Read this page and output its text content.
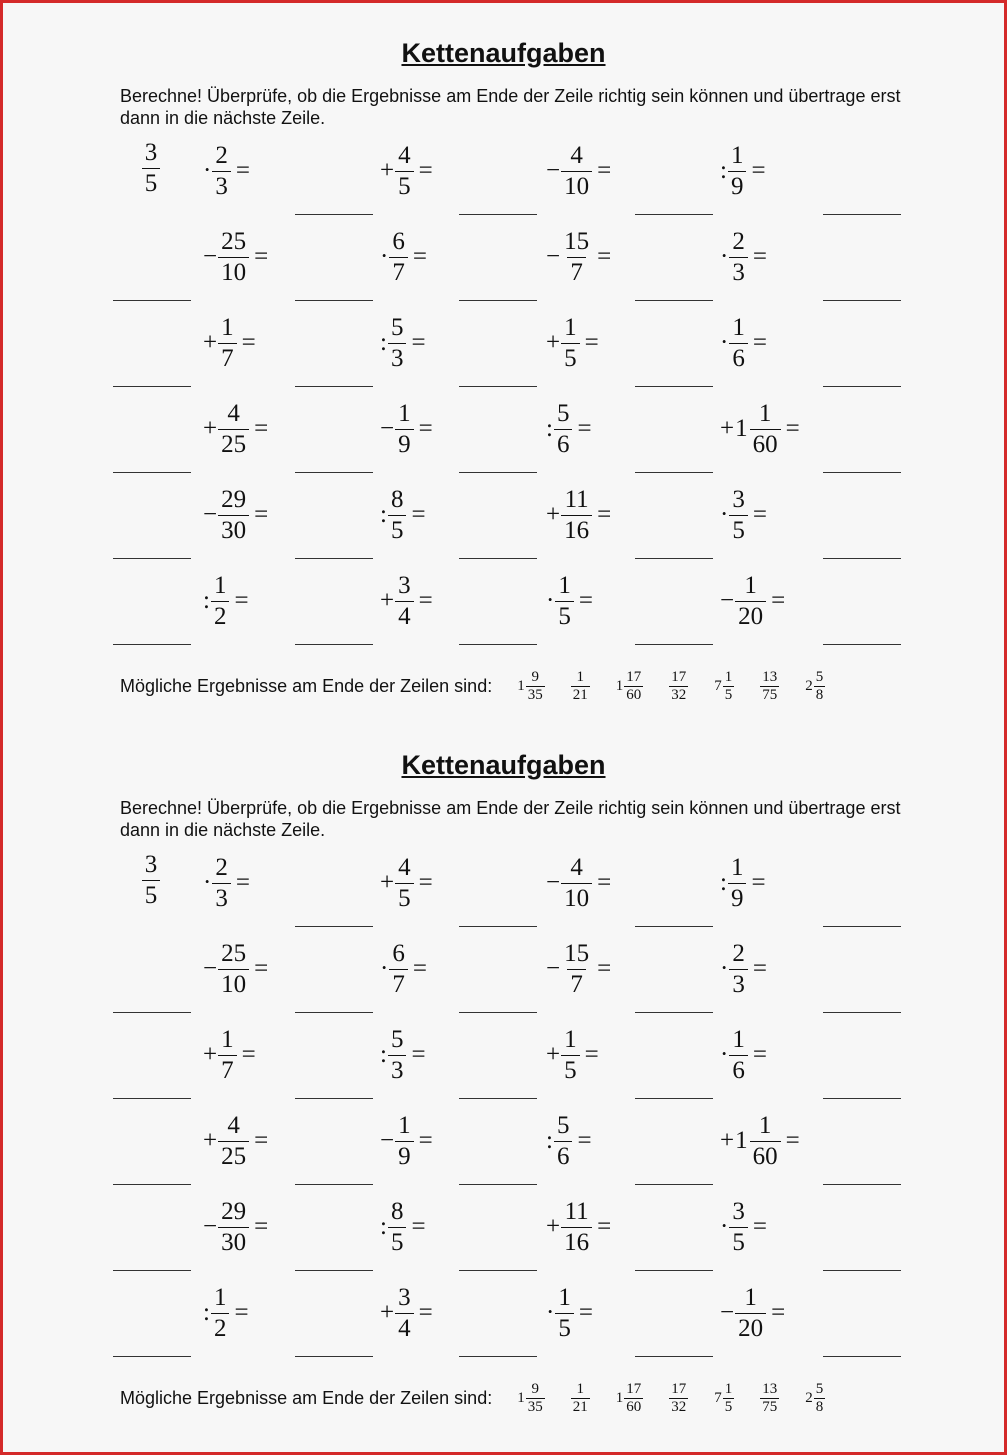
Kettenaufgaben
Berechne! Überprüfe, ob die Ergebnisse am Ende der Zeile richtig sein können und übertrage erst dann in die nächste Zeile.
$\frac{3}{5} \cdot \frac{2}{3}$ =	+ $\frac{4}{5}$ =	− $\frac{4}{10}$ =	: $\frac{1}{9}$ =
− $\frac{25}{10}$ =	· $\frac{6}{7}$ =	− $\frac{15}{7}$ =	· $\frac{2}{3}$ =
+ $\frac{1}{7}$ =	: $\frac{5}{3}$ =	+ $\frac{1}{5}$ =	· $\frac{1}{6}$ =
+ $\frac{4}{25}$ =	− $\frac{1}{9}$ =	: $\frac{5}{6}$ =	+ $1 \frac{1}{60}$ =
− $\frac{29}{30}$ =	: $\frac{8}{5}$ =	+ $\frac{11}{16}$ =	· $\frac{3}{5}$ =
: $\frac{1}{2}$ =	+ $\frac{3}{4}$ =	· $\frac{1}{5}$ =	− $\frac{1}{20}$ =
Mögliche Ergebnisse am Ende der Zeilen sind: $1 \frac{9}{35} \frac{1}{21} 1 \frac{17}{60} \frac{17}{32} 7 \frac{1}{5} \frac{13}{75} 2 \frac{5}{8}$
Kettenaufgaben
Berechne! Überprüfe, ob die Ergebnisse am Ende der Zeile richtig sein können und übertrage erst dann in die nächste Zeile.
$\frac{3}{5} \cdot \frac{2}{3}$ =	+ $\frac{4}{5}$ =	− $\frac{4}{10}$ =	: $\frac{1}{9}$ =
− $\frac{25}{10}$ =	· $\frac{6}{7}$ =	− $\frac{15}{7}$ =	· $\frac{2}{3}$ =
+ $\frac{1}{7}$ =	: $\frac{5}{3}$ =	+ $\frac{1}{5}$ =	· $\frac{1}{6}$ =
+ $\frac{4}{25}$ =	− $\frac{1}{9}$ =	: $\frac{5}{6}$ =	+ $1 \frac{1}{60}$ =
− $\frac{29}{30}$ =	: $\frac{8}{5}$ =	+ $\frac{11}{16}$ =	· $\frac{3}{5}$ =
: $\frac{1}{2}$ =	+ $\frac{3}{4}$ =	· $\frac{1}{5}$ =	− $\frac{1}{20}$ =
Mögliche Ergebnisse am Ende der Zeilen sind: $1 \frac{9}{35} \frac{1}{21} 1 \frac{17}{60} \frac{17}{32} 7 \frac{1}{5} \frac{13}{75} 2 \frac{5}{8}$
